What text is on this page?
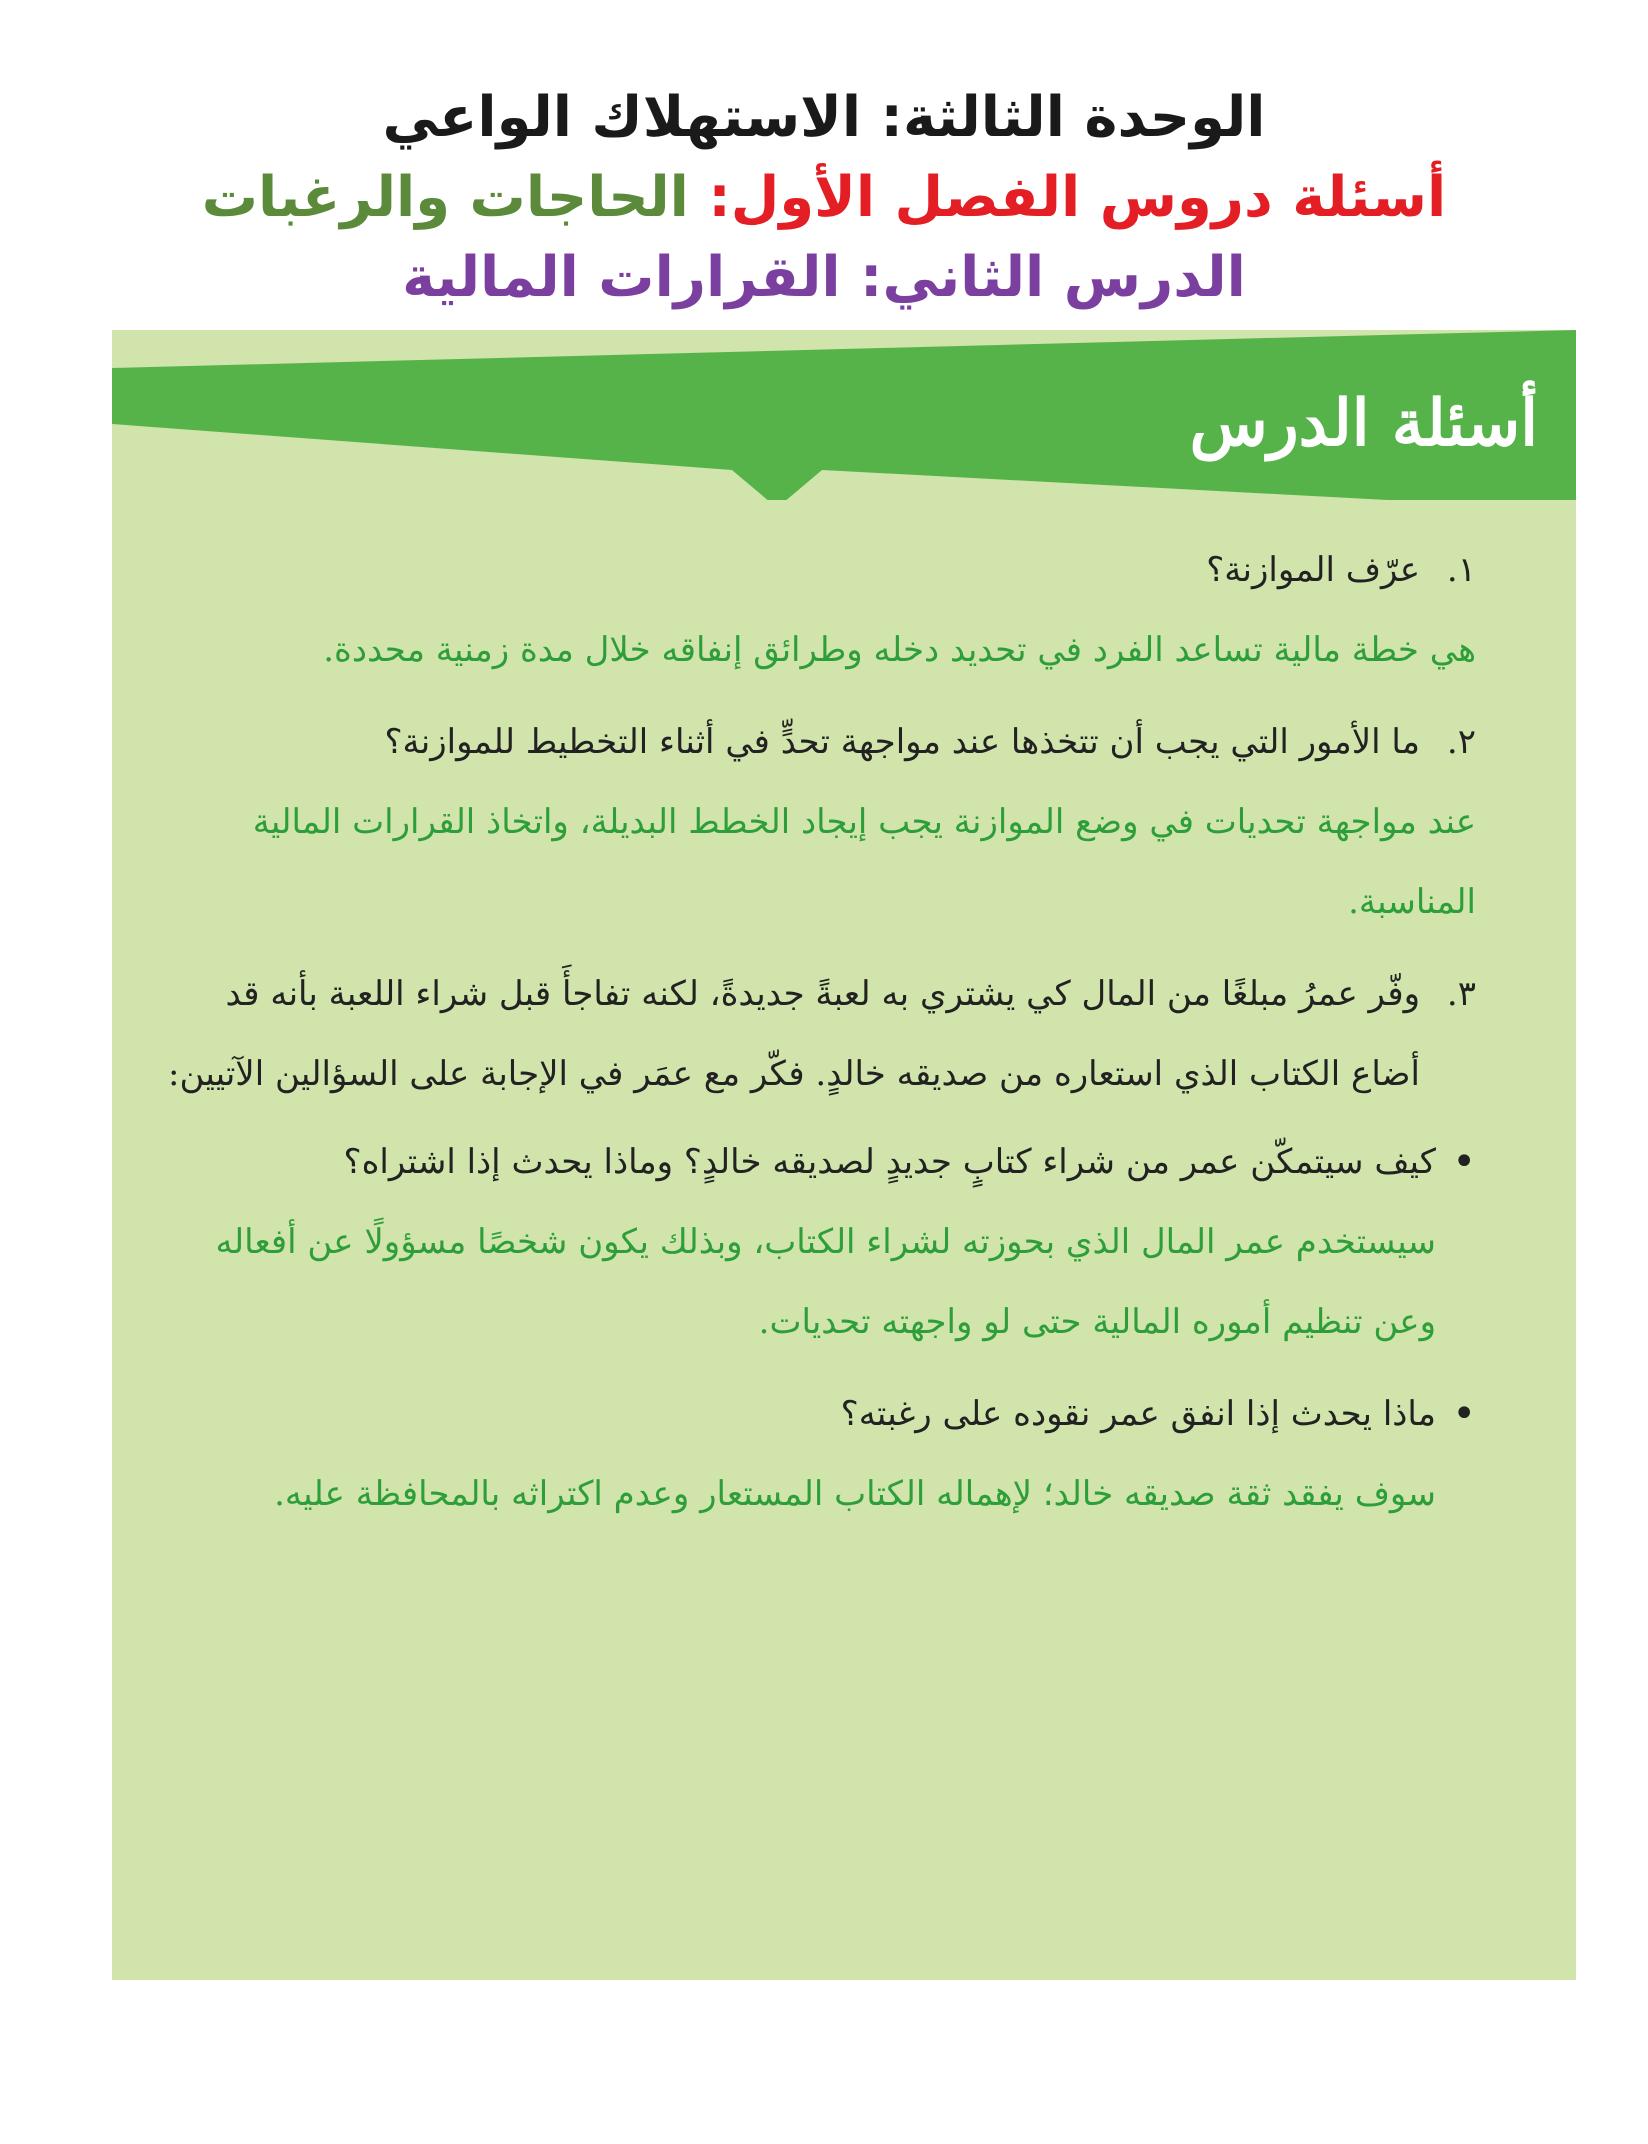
الوحدة الثالثة: الاستهلاك الواعي
أسئلة دروس الفصل الأول: الحاجات والرغبات
الدرس الثاني: القرارات المالية
أسئلة الدرس
١.
عرّف الموازنة؟
هي خطة مالية تساعد الفرد في تحديد دخله وطرائق إنفاقه خلال مدة زمنية محددة.
٢.
ما الأمور التي يجب أن تتخذها عند مواجهة تحدٍّ في أثناء التخطيط للموازنة؟
عند مواجهة تحديات في وضع الموازنة يجب إيجاد الخطط البديلة، واتخاذ القرارات المالية المناسبة.
٣.
وفّر عمرُ مبلغًا من المال كي يشتري به لعبةً جديدةً، لكنه تفاجأَ قبل شراء اللعبة بأنه قد أضاع الكتاب الذي استعاره من صديقه خالدٍ. فكّر مع عمَر في الإجابة على السؤالين الآتيين:
•
كيف سيتمكّن عمر من شراء كتابٍ جديدٍ لصديقه خالدٍ؟ وماذا يحدث إذا اشتراه؟
سيستخدم عمر المال الذي بحوزته لشراء الكتاب، وبذلك يكون شخصًا مسؤولًا عن أفعاله وعن تنظيم أموره المالية حتى لو واجهته تحديات.
•
ماذا يحدث إذا انفق عمر نقوده على رغبته؟
سوف يفقد ثقة صديقه خالد؛ لإهماله الكتاب المستعار وعدم اكتراثه بالمحافظة عليه.
